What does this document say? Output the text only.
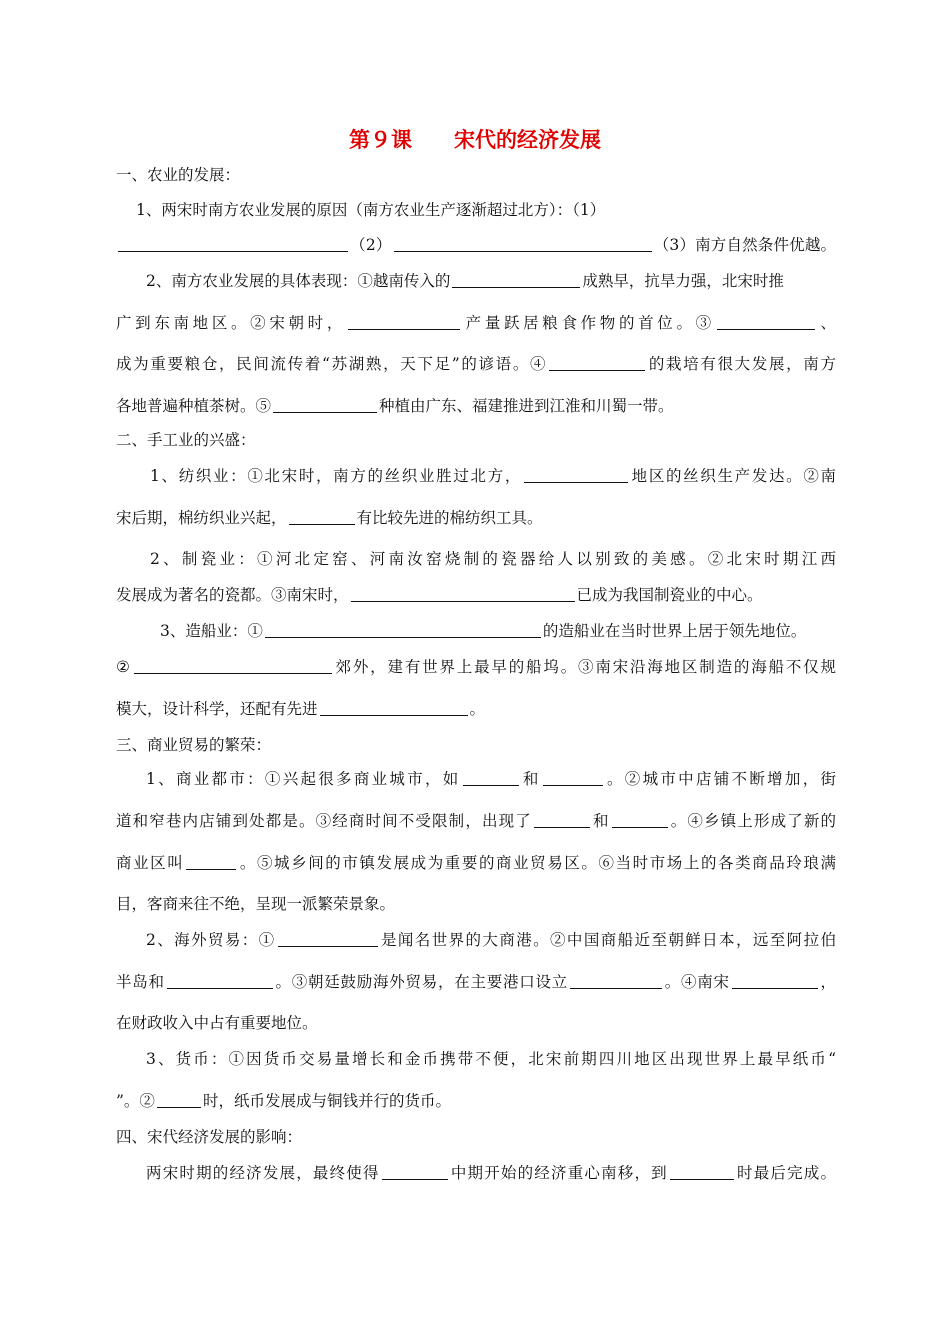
第９课　　宋代的经济发展
一、农业的发展：
1、两宋时南方农业发展的原因（南方农业生产逐渐超过北方）：（1）
（2）	（3）南方自然条件优越。
2、南方农业发展的具体表现：①越南传入的	成熟早，抗旱力强，北宋时推
广到东南地区。②宋朝时，	产量跃居粮食作物的首位。③	、
成为重要粮仓，民间流传着“苏湖熟，天下足”的谚语。④	的栽培有很大发展，南方
各地普遍种植茶树。⑤	种植由广东、福建推进到江淮和川蜀一带。
二、手工业的兴盛：
1、纺织业：①北宋时，南方的丝织业胜过北方，	地区的丝织生产发达。②南
宋后期，棉纺织业兴起，	有比较先进的棉纺织工具。
2、制瓷业：①河北定窑、河南汝窑烧制的瓷器给人以别致的美感。②北宋时期江西
发展成为著名的瓷都。③南宋时，	已成为我国制瓷业的中心。
3、造船业：①	的造船业在当时世界上居于领先地位。
②	郊外，建有世界上最早的船坞。③南宋沿海地区制造的海船不仅规
模大，设计科学，还配有先进	。
三、商业贸易的繁荣：
1、商业都市：①兴起很多商业城市，如	和	。②城市中店铺不断增加，街
道和窄巷内店铺到处都是。③经商时间不受限制，出现了	和	。④乡镇上形成了新的
商业区叫	。⑤城乡间的市镇发展成为重要的商业贸易区。⑥当时市场上的各类商品玲琅满
目，客商来往不绝，呈现一派繁荣景象。
2、海外贸易：①	是闻名世界的大商港。②中国商船近至朝鲜日本，远至阿拉伯
半岛和	。③朝廷鼓励海外贸易，在主要港口设立	。④南宋	，
在财政收入中占有重要地位。
3、货币：①因货币交易量增长和金币携带不便，北宋前期四川地区出现世界上最早纸币“
”。②	时，纸币发展成与铜钱并行的货币。
四、宋代经济发展的影响：
两宋时期的经济发展，最终使得	中期开始的经济重心南移，到	时最后完成。
